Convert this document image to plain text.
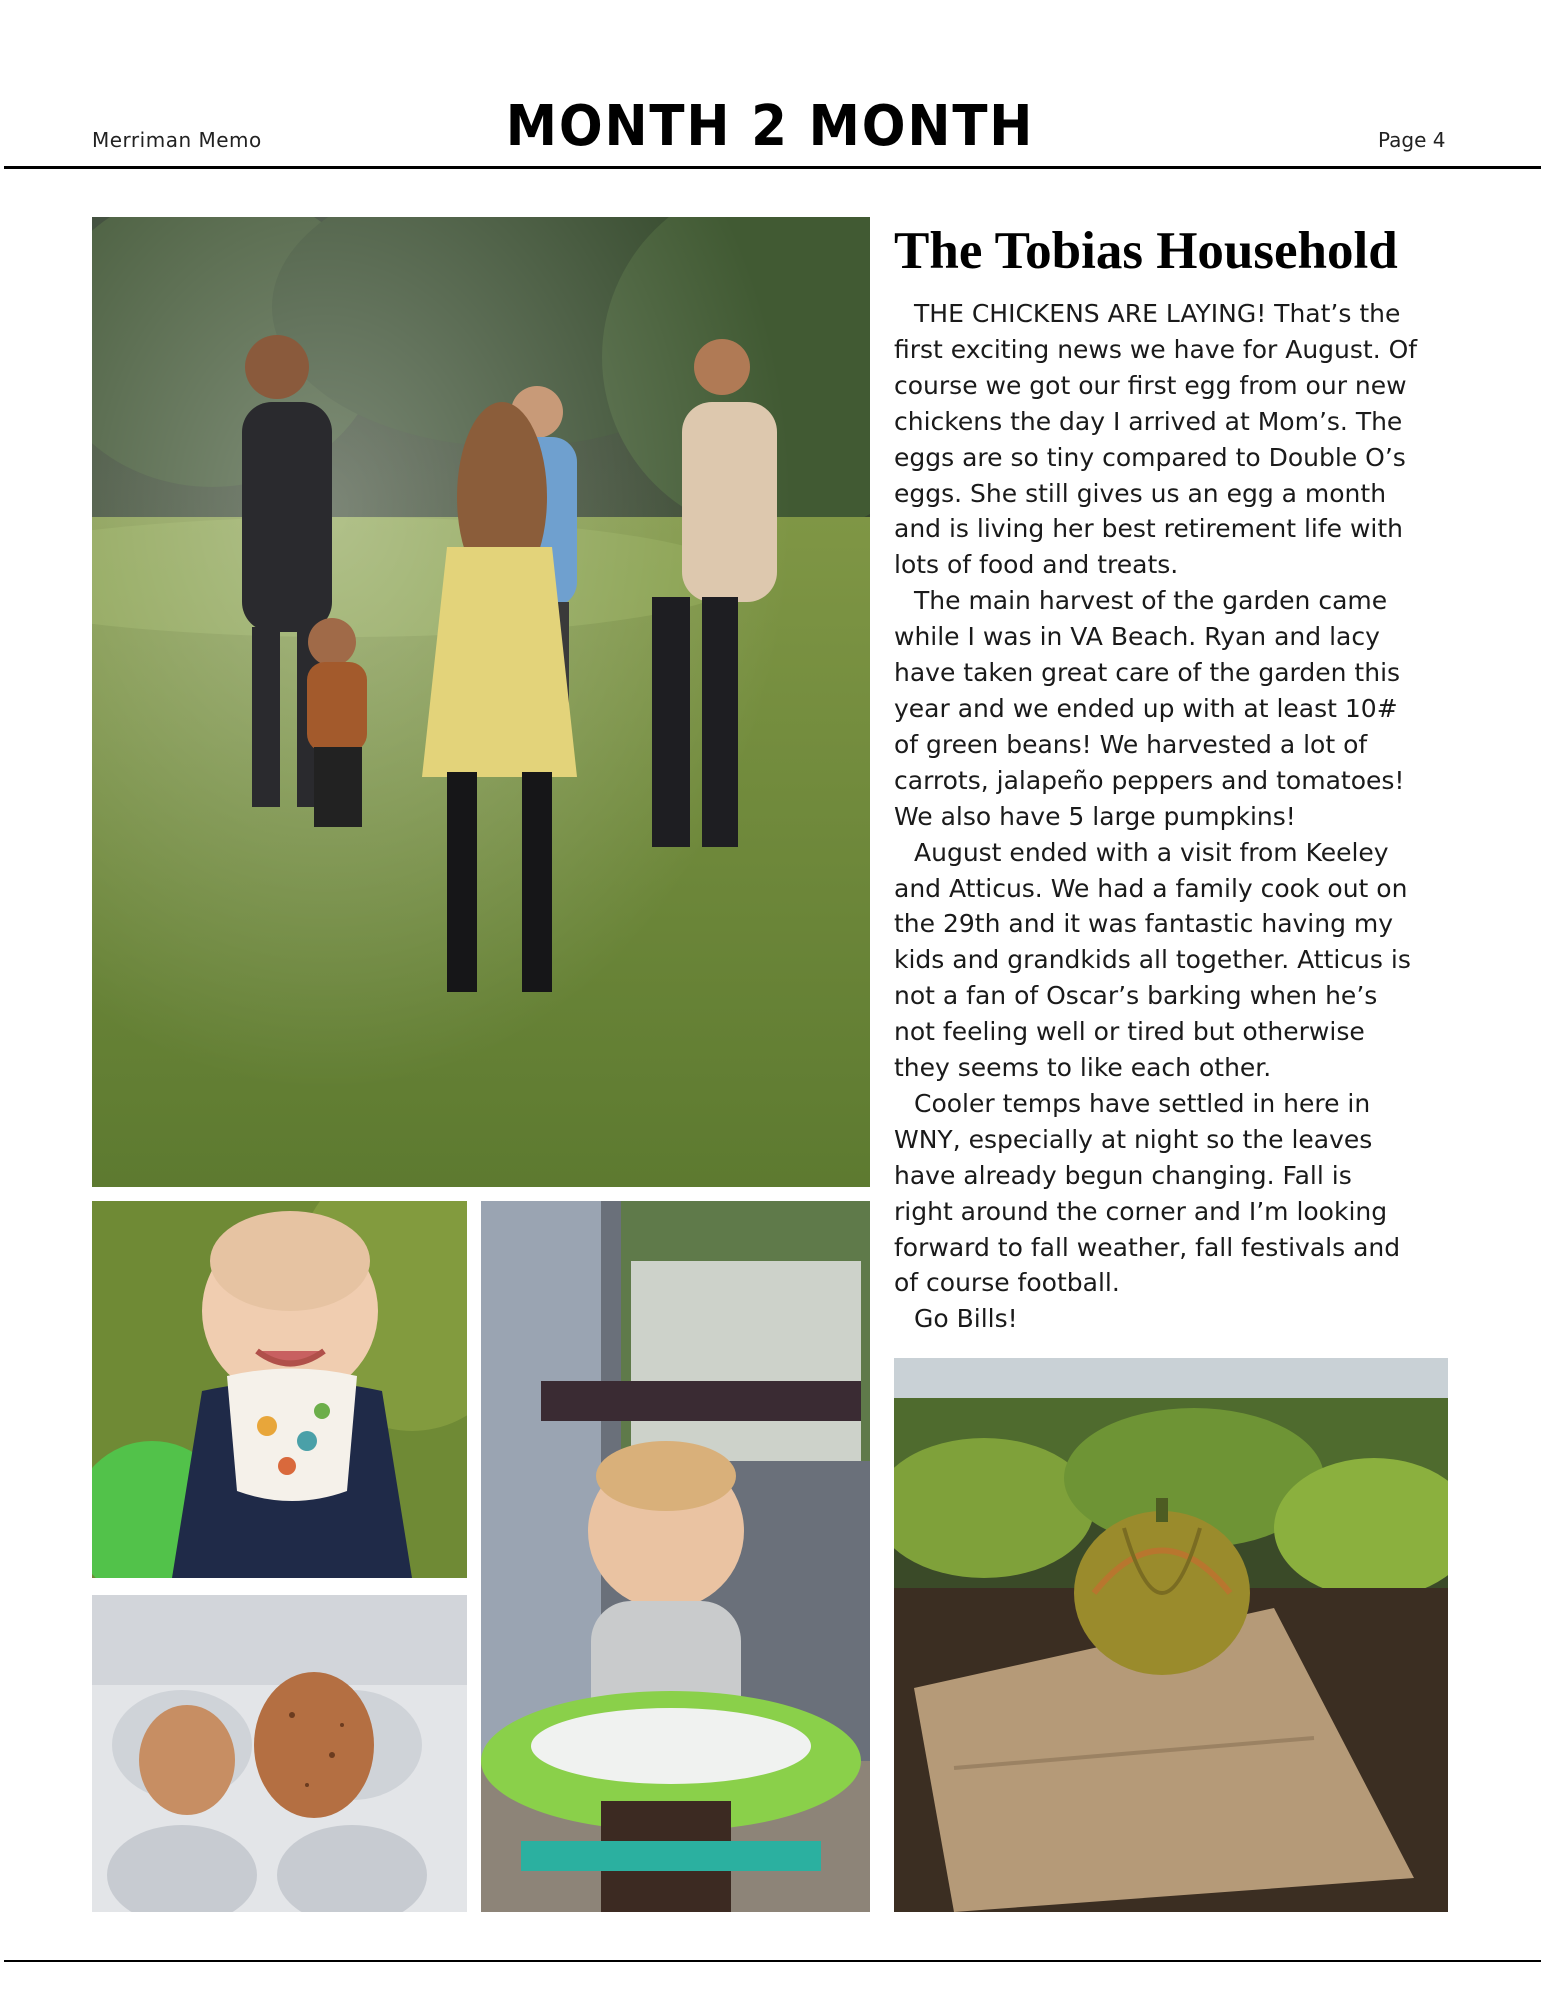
Merriman Memo	MONTH 2 MONTH	Page 4
The Tobias Household

THE CHICKENS ARE LAYING! That’s the
first exciting news we have for August. Of
course we got our first egg from our new
chickens the day I arrived at Mom’s. The
eggs are so tiny compared to Double O’s
eggs. She still gives us an egg a month
and is living her best retirement life with
lots of food and treats.

The main harvest of the garden came
while I was in VA Beach. Ryan and lacy
have taken great care of the garden this
year and we ended up with at least 10#
of green beans! We harvested a lot of
carrots, jalapeño peppers and tomatoes!
We also have 5 large pumpkins!

August ended with a visit from Keeley
and Atticus. We had a family cook out on
the 29th and it was fantastic having my
kids and grandkids all together. Atticus is
not a fan of Oscar’s barking when he’s
not feeling well or tired but otherwise
they seems to like each other.

Cooler temps have settled in here in
WNY, especially at night so the leaves
have already begun changing. Fall is
right around the corner and I’m looking
forward to fall weather, fall festivals and
of course football.

Go Bills!
